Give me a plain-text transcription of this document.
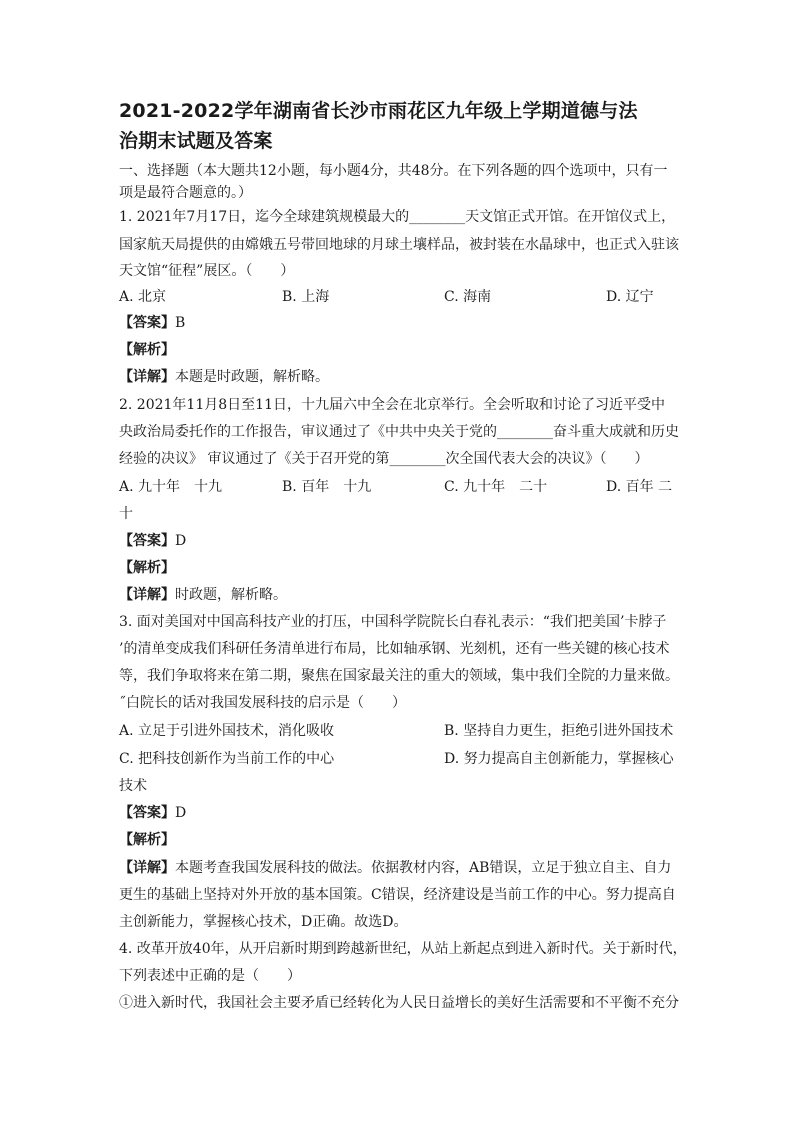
2021-2022学年湖南省长沙市雨花区九年级上学期道德与法
治期末试题及答案
一、选择题（本大题共12小题，每小题4分，共48分。在下列各题的四个选项中，只有一
项是最符合题意的。）
1. 2021年7月17日，迄今全球建筑规模最大的________天文馆正式开馆。在开馆仪式上，
国家航天局提供的由嫦娥五号带回地球的月球土壤样品，被封装在水晶球中，也正式入驻该
天文馆“征程”展区。（　　）
A. 北京	B. 上海	C. 海南	D. 辽宁
【答案】B
【解析】
【详解】本题是时政题，解析略。
2. 2021年11月8日至11日，十九届六中全会在北京举行。全会听取和讨论了习近平受中
央政治局委托作的工作报告，审议通过了《中共中央关于党的________奋斗重大成就和历史
经验的决议》 审议通过了《关于召开党的第________次全国代表大会的决议》（　　）
A. 九十年　十九	B. 百年　十九	C. 九十年　二十	D. 百年 二
十
【答案】D
【解析】
【详解】时政题，解析略。
3. 面对美国对中国高科技产业的打压，中国科学院院长白春礼表示：“我们把美国’卡脖子
’的清单变成我们科研任务清单进行布局，比如轴承钢、光刻机，还有一些关键的核心技术
等，我们争取将来在第二期，聚焦在国家最关注的重大的领域，集中我们全院的力量来做。
˝白院长的话对我国发展科技的启示是（　　）
A. 立足于引进外国技术，消化吸收	B. 坚持自力更生，拒绝引进外国技术
C. 把科技创新作为当前工作的中心	D. 努力提高自主创新能力，掌握核心
技术
【答案】D
【解析】
【详解】本题考查我国发展科技的做法。依据教材内容，AB错误，立足于独立自主、自力
更生的基础上坚持对外开放的基本国策。C错误，经济建设是当前工作的中心。努力提高自
主创新能力，掌握核心技术，D正确。故选D。
4. 改革开放40年，从开启新时期到跨越新世纪，从站上新起点到进入新时代。关于新时代，
下列表述中正确的是（　　）
①进入新时代，我国社会主要矛盾已经转化为人民日益增长的美好生活需要和不平衡不充分
